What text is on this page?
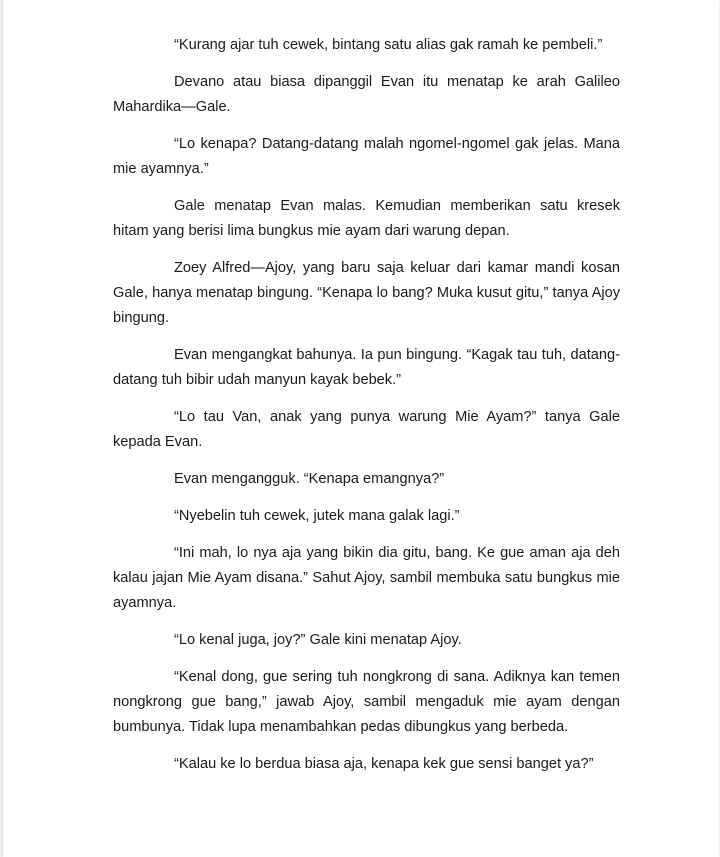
“Kurang ajar tuh cewek, bintang satu alias gak ramah ke pembeli.”

Devano atau biasa dipanggil Evan itu menatap ke arah Galileo Mahardika—Gale.

“Lo kenapa? Datang-datang malah ngomel-ngomel gak jelas. Mana mie ayamnya.”

Gale menatap Evan malas. Kemudian memberikan satu kresek hitam yang berisi lima bungkus mie ayam dari warung depan.

Zoey Alfred—Ajoy, yang baru saja keluar dari kamar mandi kosan Gale, hanya menatap bingung. “Kenapa lo bang? Muka kusut gitu,” tanya Ajoy bingung.

Evan mengangkat bahunya. Ia pun bingung. “Kagak tau tuh, datang-datang tuh bibir udah manyun kayak bebek.”

“Lo tau Van, anak yang punya warung Mie Ayam?” tanya Gale kepada Evan.

Evan mengangguk. “Kenapa emangnya?”

“Nyebelin tuh cewek, jutek mana galak lagi.”

“Ini mah, lo nya aja yang bikin dia gitu, bang. Ke gue aman aja deh kalau jajan Mie Ayam disana.” Sahut Ajoy, sambil membuka satu bungkus mie ayamnya.

“Lo kenal juga, joy?” Gale kini menatap Ajoy.

“Kenal dong, gue sering tuh nongkrong di sana. Adiknya kan temen nongkrong gue bang,” jawab Ajoy, sambil mengaduk mie ayam dengan bumbunya. Tidak lupa menambahkan pedas dibungkus yang berbeda.

“Kalau ke lo berdua biasa aja, kenapa kek gue sensi banget ya?”
